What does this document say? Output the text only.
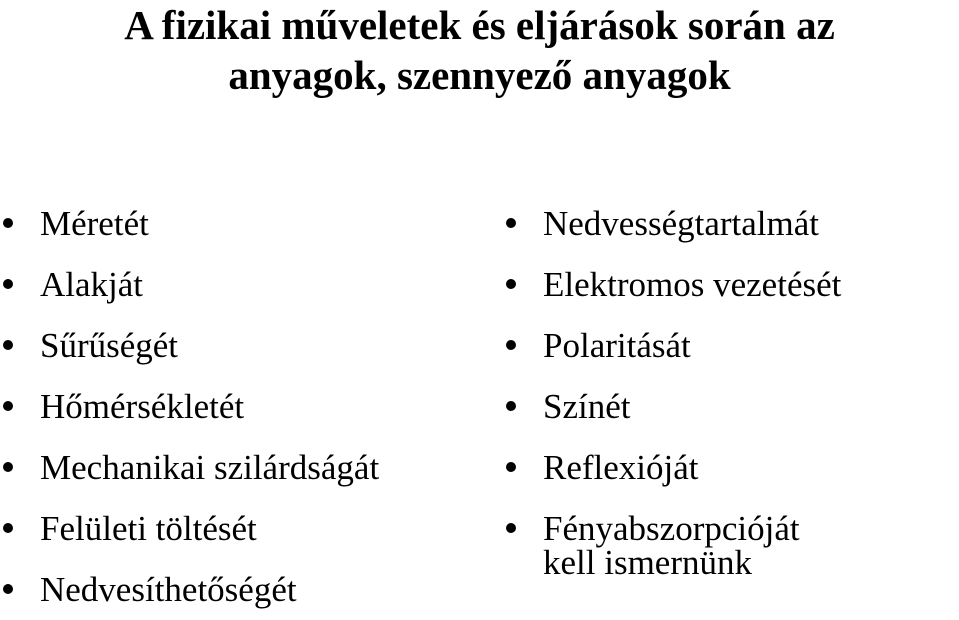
A fizikai műveletek és eljárások során az
anyagok, szennyező anyagok
Méretét
Alakját
Sűrűségét
Hőmérsékletét
Mechanikai szilárdságát
Felületi töltését
Nedvesíthetőségét
Nedvességtartalmát
Elektromos vezetését
Polaritását
Színét
Reflexióját
Fényabszorpcióját
kell ismernünk
